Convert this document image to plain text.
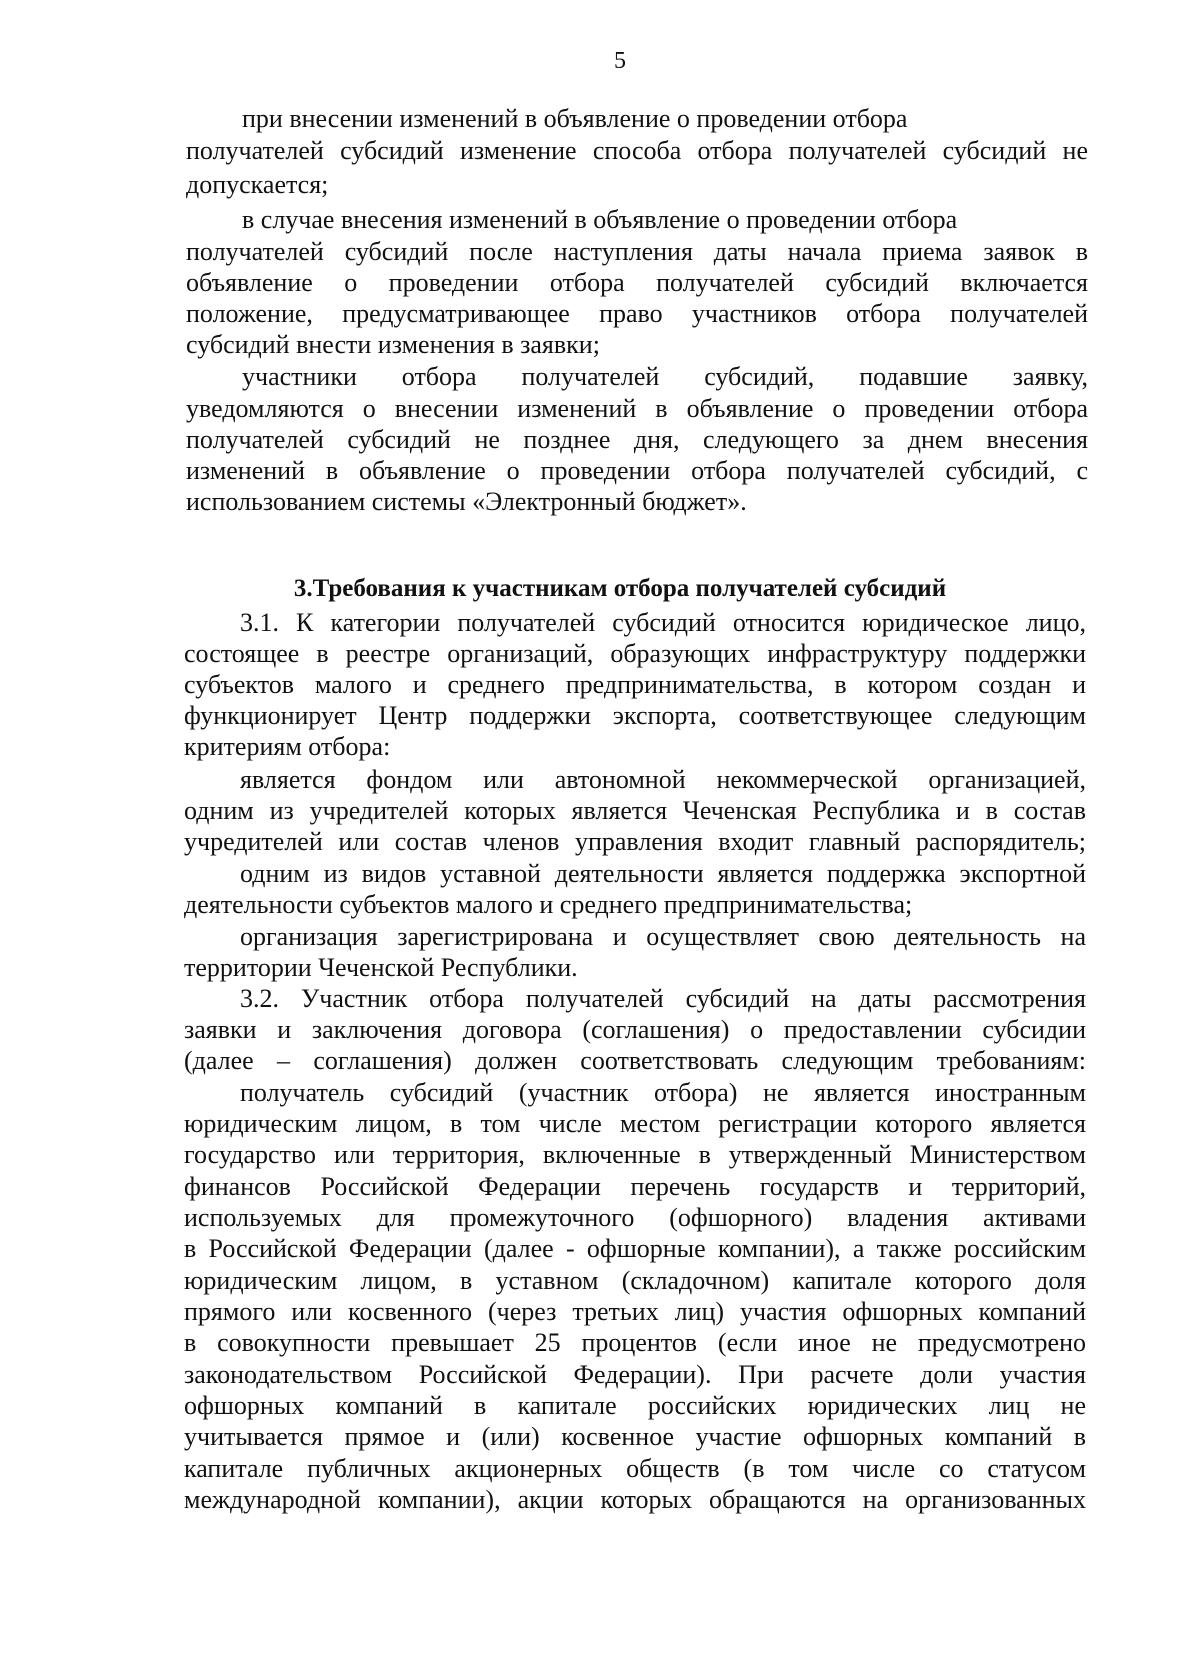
5
при внесении изменений в объявление о проведении отбора
получателей субсидий изменение способа отбора получателей субсидий не
допускается;
в случае внесения изменений в объявление о проведении отбора
получателей субсидий после наступления даты начала приема заявок в
объявление о проведении отбора получателей субсидий включается
положение, предусматривающее право участников отбора получателей
субсидий внести изменения в заявки;
участники отбора получателей субсидий, подавшие заявку,
уведомляются о внесении изменений в объявление о проведении отбора
получателей субсидий не позднее дня, следующего за днем внесения
изменений в объявление о проведении отбора получателей субсидий, с
использованием системы «Электронный бюджет».
3.Требования к участникам отбора получателей субсидий
3.1. К категории получателей субсидий относится юридическое лицо,
состоящее в реестре организаций, образующих инфраструктуру поддержки
субъектов малого и среднего предпринимательства, в котором создан и
функционирует Центр поддержки экспорта, соответствующее следующим
критериям отбора:
является фондом или автономной некоммерческой организацией,
одним из учредителей которых является Чеченская Республика и в состав
учредителей или состав членов управления входит главный распорядитель;
одним из видов уставной деятельности является поддержка экспортной
деятельности субъектов малого и среднего предпринимательства;
организация зарегистрирована и осуществляет свою деятельность на
территории Чеченской Республики.
3.2. Участник отбора получателей субсидий на даты рассмотрения
заявки и заключения договора (соглашения) о предоставлении субсидии
(далее – соглашения) должен соответствовать следующим требованиям:
получатель субсидий (участник отбора) не является иностранным
юридическим лицом, в том числе местом регистрации которого является
государство или территория, включенные в утвержденный Министерством
финансов Российской Федерации перечень государств и территорий,
используемых для промежуточного (офшорного) владения активами
в Российской Федерации (далее - офшорные компании), а также российским
юридическим лицом, в уставном (складочном) капитале которого доля
прямого или косвенного (через третьих лиц) участия офшорных компаний
в совокупности превышает 25 процентов (если иное не предусмотрено
законодательством Российской Федерации). При расчете доли участия
офшорных компаний в капитале российских юридических лиц не
учитывается прямое и (или) косвенное участие офшорных компаний в
капитале публичных акционерных обществ (в том числе со статусом
международной компании), акции которых обращаются на организованных
